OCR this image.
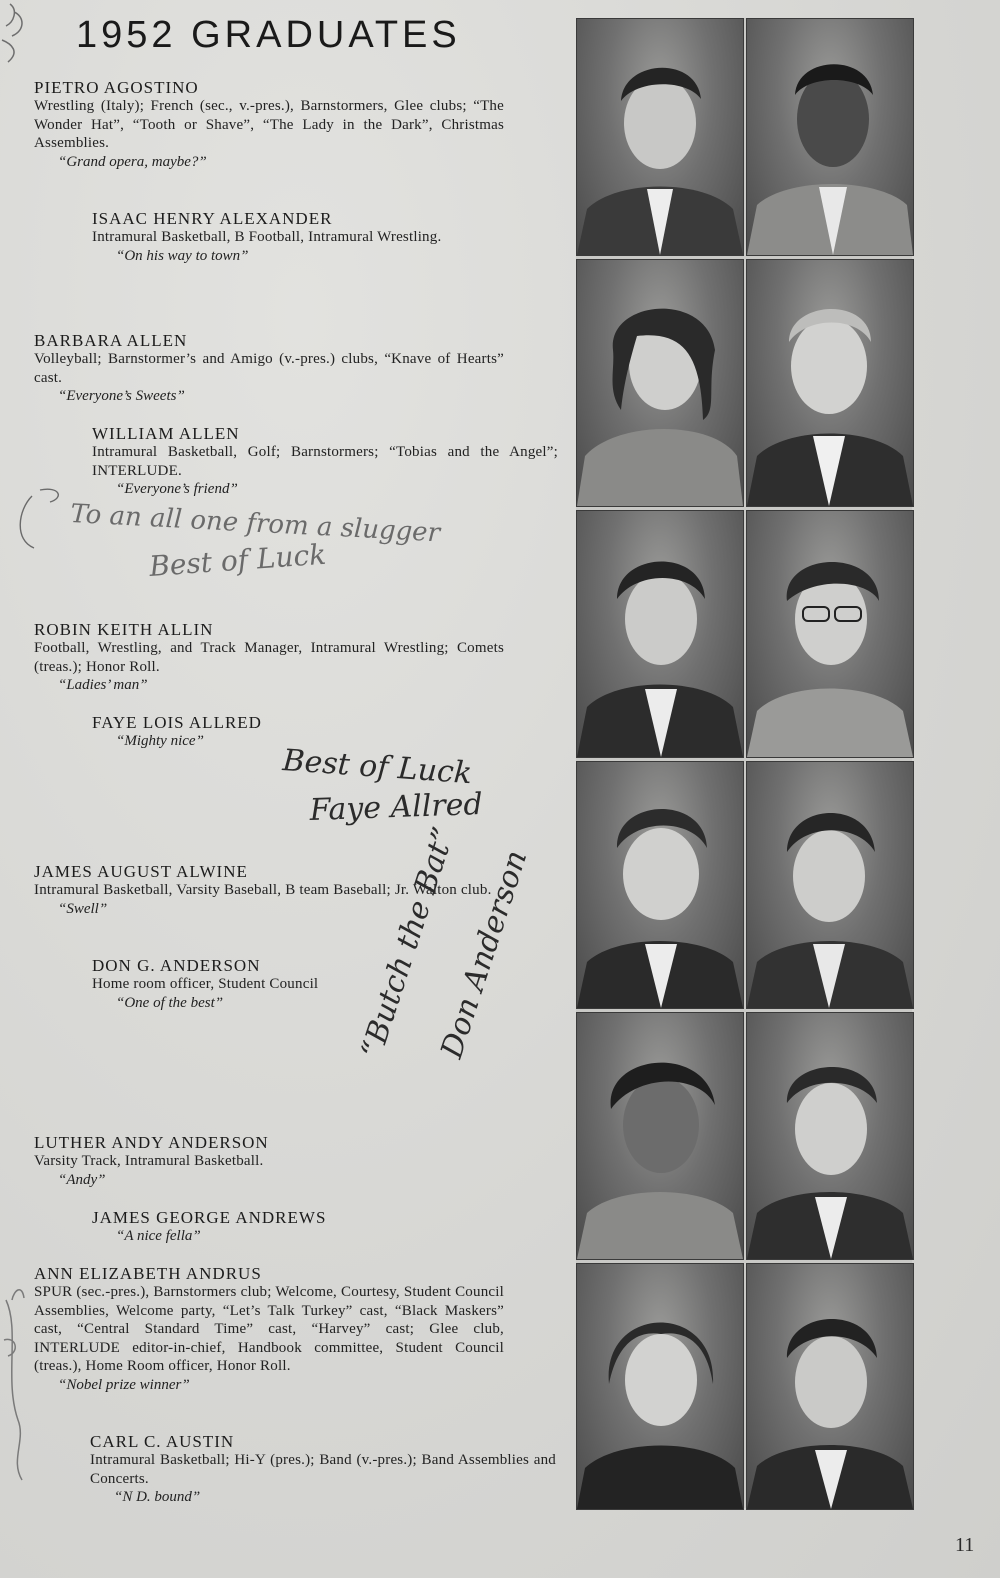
1952 GRADUATES
PIETRO AGOSTINO
Wrestling (Italy); French (sec., v.-pres.), Barnstormers, Glee clubs; “The Wonder Hat”, “Tooth or Shave”, “The Lady in the Dark”, Christmas Assemblies.
“Grand opera, maybe?”
ISAAC HENRY ALEXANDER
Intramural Basketball, B Football, Intramural Wrestling.
“On his way to town”
BARBARA ALLEN
Volleyball; Barnstormer’s and Amigo (v.-pres.) clubs, “Knave of Hearts” cast.
“Everyone’s Sweets”
WILLIAM ALLEN
Intramural Basketball, Golf; Barnstormers; “Tobias and the Angel”; INTERLUDE.
“Everyone’s friend”
ROBIN KEITH ALLIN
Football, Wrestling, and Track Manager, Intramural Wrestling; Comets (treas.); Honor Roll.
“Ladies’ man”
FAYE LOIS ALLRED
“Mighty nice”
JAMES AUGUST ALWINE
Intramural Basketball, Varsity Baseball, B team Baseball; Jr. Walton club.
“Swell”
DON G. ANDERSON
Home room officer, Student Council
“One of the best”
LUTHER ANDY ANDERSON
Varsity Track, Intramural Basketball.
“Andy”
JAMES GEORGE ANDREWS
“A nice fella”
ANN ELIZABETH ANDRUS
SPUR (sec.-pres.), Barnstormers club; Welcome, Courtesy, Student Council Assemblies, Welcome party, “Let’s Talk Turkey” cast, “Black Maskers” cast, “Central Standard Time” cast, “Harvey” cast; Glee club, INTERLUDE editor-in-chief, Handbook committee, Student Council (treas.), Home Room officer, Honor Roll.
“Nobel prize winner”
CARL C. AUSTIN
Intramural Basketball; Hi-Y (pres.); Band (v.-pres.); Band Assemblies and Concerts.
“N D. bound”
To an all one from a slugger
Best of Luck
Best of Luck
Faye Allred
“Butch the Bat”
Don Anderson
11
